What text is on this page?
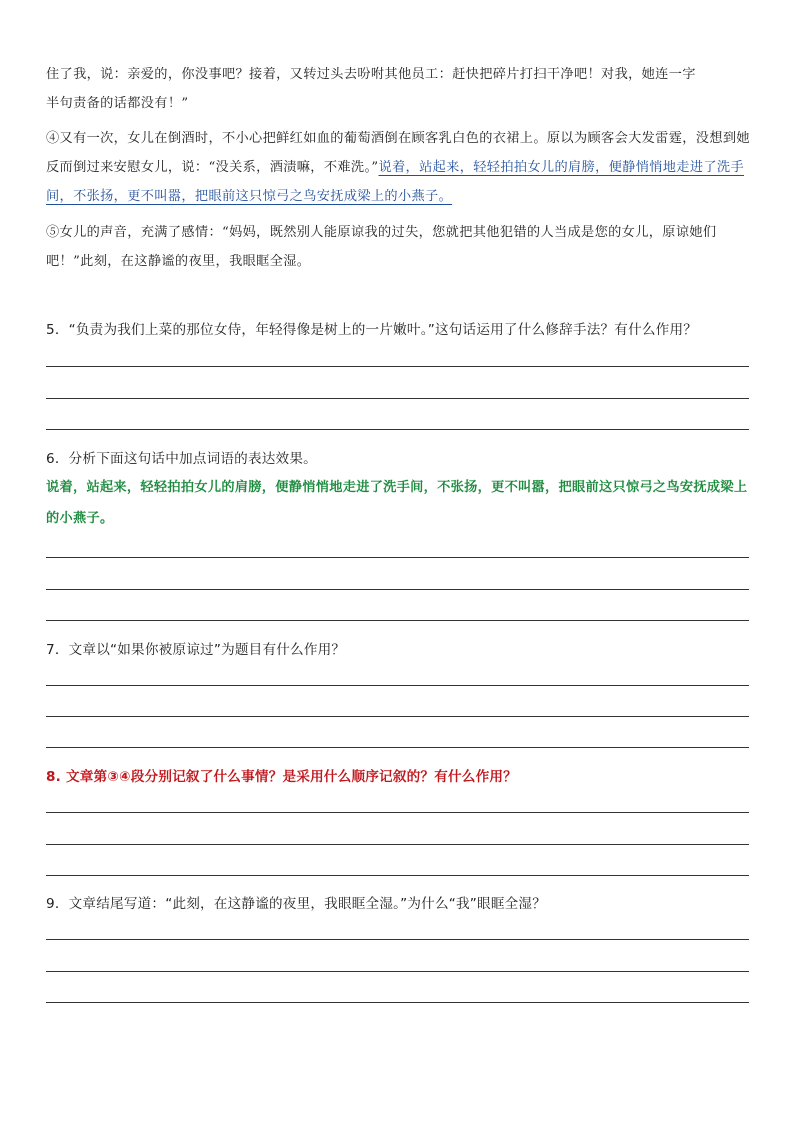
住了我，说：亲爱的，你没事吧？接着，又转过头去吩咐其他员工：赶快把碎片打扫干净吧！对我，她连一字
半句责备的话都没有！”
④又有一次，女儿在倒酒时，不小心把鲜红如血的葡萄酒倒在顾客乳白色的衣裙上。原以为顾客会大发雷霆，没想到她反而倒过来安慰女儿，说：“没关系，酒渍嘛，不难洗。”说着，站起来，轻轻拍拍女儿的肩膀，便静悄悄地走进了洗手间，不张扬，更不叫嚣，把眼前这只惊弓之鸟安抚成梁上的小燕子。
⑤女儿的声音，充满了感情：“妈妈，既然别人能原谅我的过失，您就把其他犯错的人当成是您的女儿，原谅她们吧！”此刻，在这静谧的夜里，我眼眶全湿。
5．“负责为我们上菜的那位女侍，年轻得像是树上的一片嫩叶。”这句话运用了什么修辞手法？有什么作用？
6．分析下面这句话中加点词语的表达效果。
说着，站起来，轻轻拍拍女儿的肩膀，便静悄悄地走进了洗手间，不张扬，更不叫嚣，把眼前这只惊弓之鸟安抚成梁上的小燕子。
7．文章以“如果你被原谅过”为题目有什么作用？
8. 文章第③④段分别记叙了什么事情？是采用什么顺序记叙的？有什么作用？
9．文章结尾写道：“此刻，在这静谧的夜里，我眼眶全湿。”为什么“我”眼眶全湿？
